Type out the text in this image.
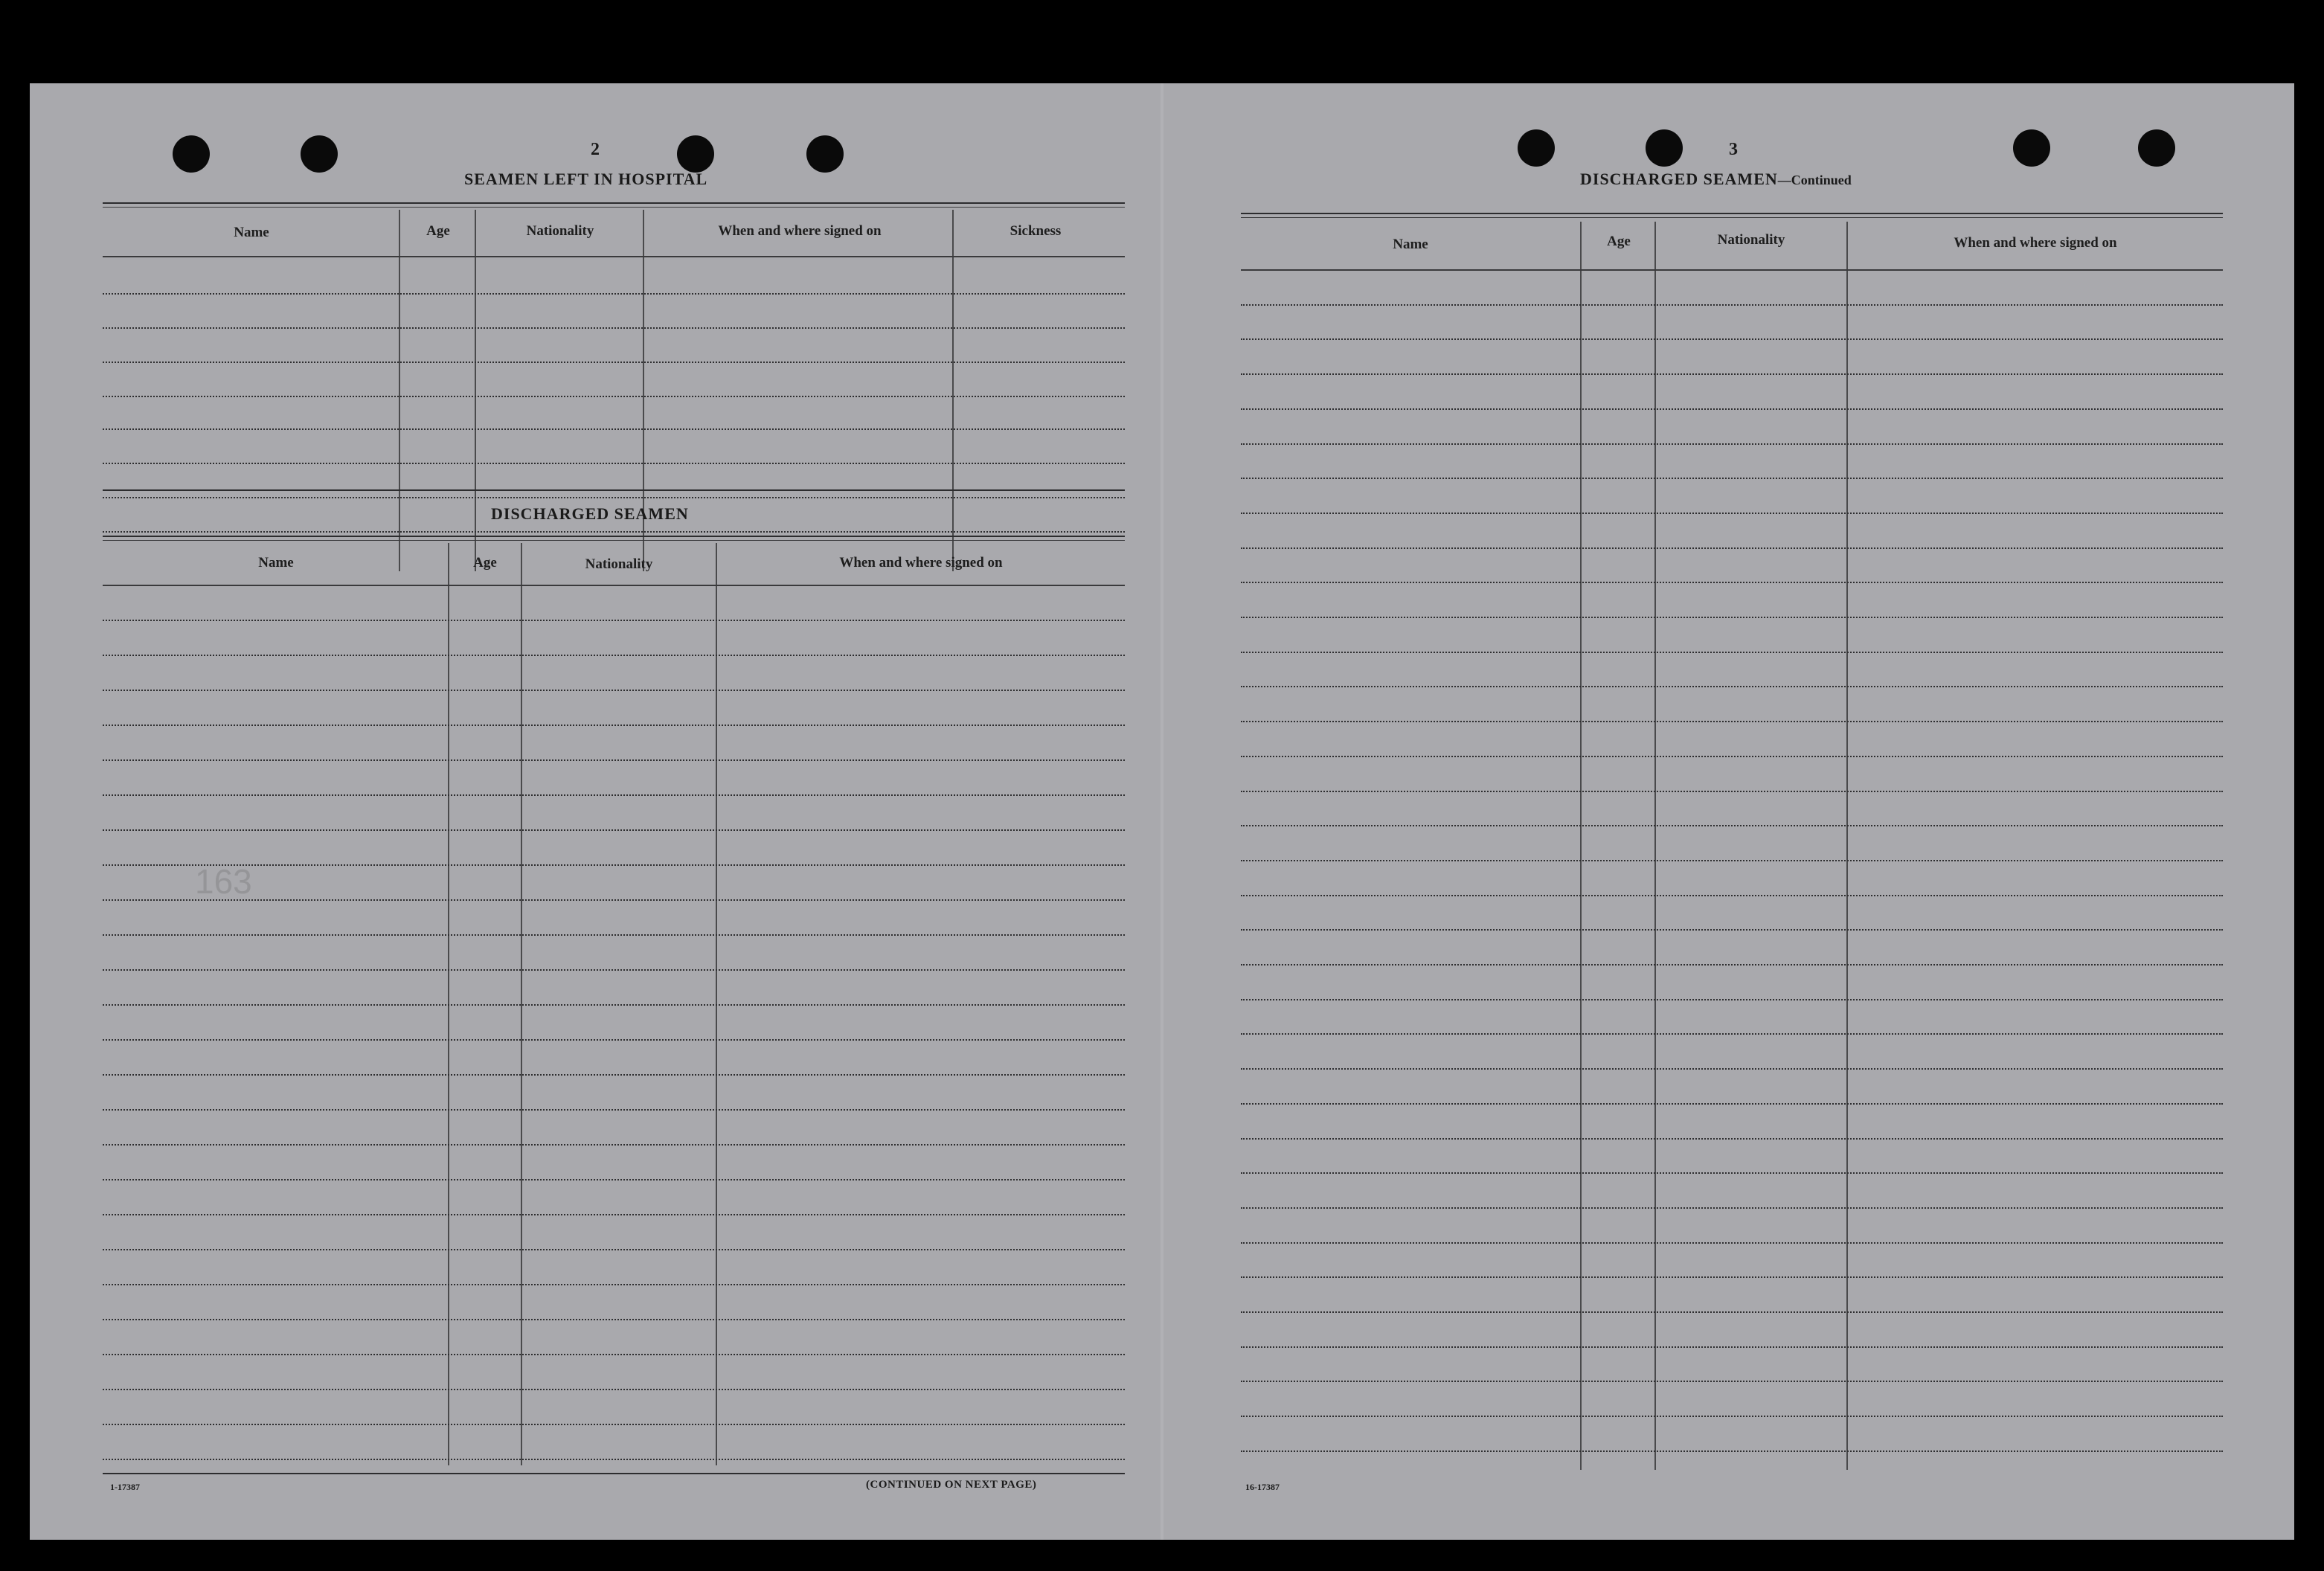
2
SEAMEN LEFT IN HOSPITAL
Name	Age	Nationality	When and where signed on	Sickness
DISCHARGED SEAMEN
Name	Age	Nationality	When and where signed on
163
1-17387	(CONTINUED ON NEXT PAGE)
3
DISCHARGED SEAMEN—Continued
Name	Age	Nationality	When and where signed on
16-17387
